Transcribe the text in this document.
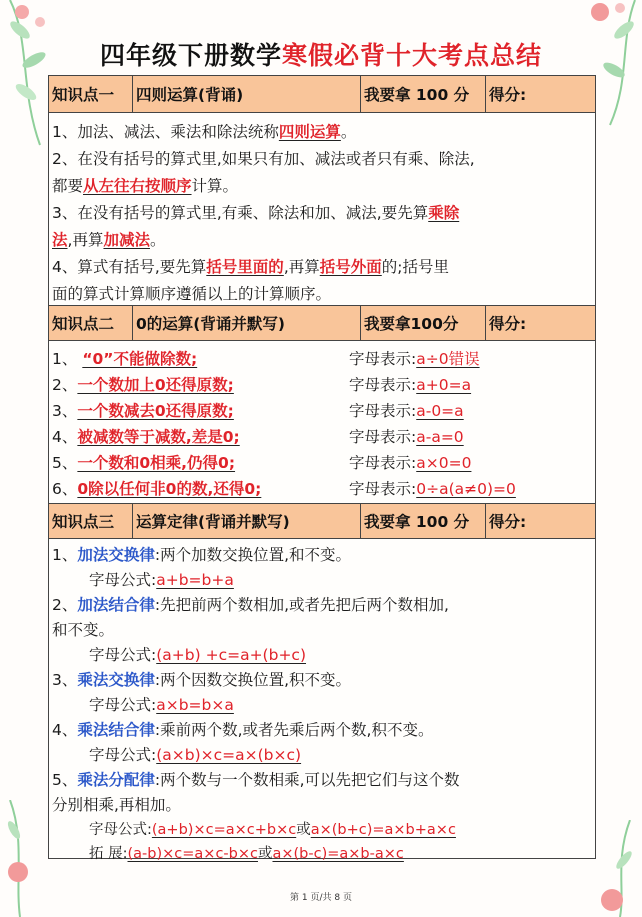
四年级下册数学寒假必背十大考点总结
知识点一	四则运算(背诵)	我要拿 100 分	得分:
1、加法、减法、乘法和除法统称四则运算。
2、在没有括号的算式里,如果只有加、减法或者只有乘、除法,
都要从左往右按顺序计算。
3、在没有括号的算式里,有乘、除法和加、减法,要先算乘除
法,再算加减法。
4、算式有括号,要先算括号里面的,再算括号外面的;括号里
面的算式计算顺序遵循以上的计算顺序。
知识点二	0的运算(背诵并默写)	我要拿100分	得分:
1、 “0”不能做除数;	字母表示:a÷0错误
2、一个数加上0还得原数;	字母表示:a+0=a
3、一个数减去0还得原数;	字母表示:a-0=a
4、被减数等于减数,差是0;	字母表示:a-a=0
5、一个数和0相乘,仍得0;	字母表示:a×0=0
6、0除以任何非0的数,还得0;	字母表示:0÷a(a≠0)=0
知识点三	运算定律(背诵并默写)	我要拿 100 分	得分:
1、加法交换律:两个加数交换位置,和不变。
字母公式:a+b=b+a
2、加法结合律:先把前两个数相加,或者先把后两个数相加,
和不变。
字母公式:(a+b) +c=a+(b+c)
3、乘法交换律:两个因数交换位置,积不变。
字母公式:a×b=b×a
4、乘法结合律:乘前两个数,或者先乘后两个数,积不变。
字母公式:(a×b)×c=a×(b×c)
5、乘法分配律:两个数与一个数相乘,可以先把它们与这个数
分别相乘,再相加。
字母公式:(a+b)×c=a×c+b×c或a×(b+c)=a×b+a×c
拓 展:(a-b)×c=a×c-b×c或a×(b-c)=a×b-a×c
第 1 页/共 8 页
